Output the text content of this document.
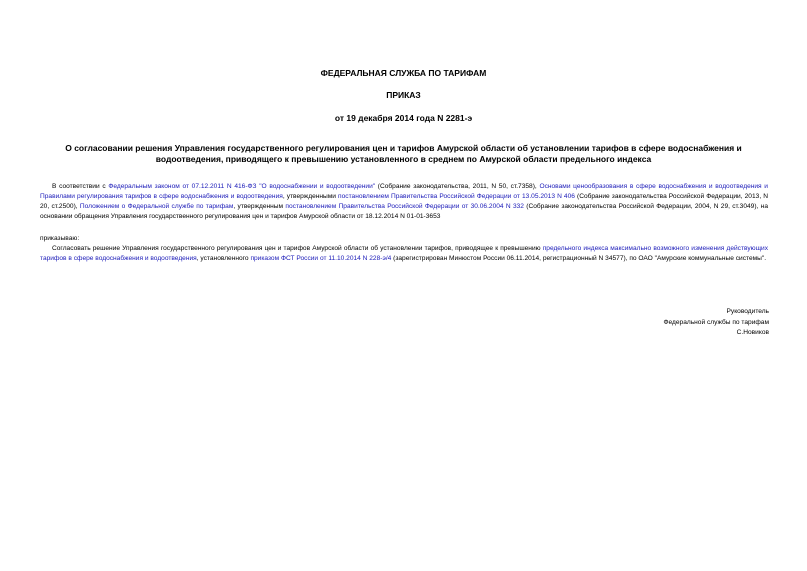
ФЕДЕРАЛЬНАЯ СЛУЖБА ПО ТАРИФАМ
ПРИКАЗ
от 19 декабря 2014 года N 2281-э
О согласовании решения Управления государственного регулирования цен и тарифов Амурской области об установлении тарифов в сфере водоснабжения и водоотведения, приводящего к превышению установленного в среднем по Амурской области предельного индекса
В соответствии с Федеральным законом от 07.12.2011 N 416-ФЗ "О водоснабжении и водоотведении" (Собрание законодательства, 2011, N 50, ст.7358), Основами ценообразования в сфере водоснабжения и водоотведения и Правилами регулирования тарифов в сфере водоснабжения и водоотведения, утвержденными постановлением Правительства Российской Федерации от 13.05.2013 N 406 (Собрание законодательства Российской Федерации, 2013, N 20, ст.2500), Положением о Федеральной службе по тарифам, утвержденным постановлением Правительства Российской Федерации от 30.06.2004 N 332 (Собрание законодательства Российской Федерации, 2004, N 29, ст.3049), на основании обращения Управления государственного регулирования цен и тарифов Амурской области от 18.12.2014 N 01-01-3653
приказываю:
Согласовать решение Управления государственного регулирования цен и тарифов Амурской области об установлении тарифов, приводящее к превышению предельного индекса максимально возможного изменения действующих тарифов в сфере водоснабжения и водоотведения, установленного приказом ФСТ России от 11.10.2014 N 228-э/4 (зарегистрирован Минюстом России 06.11.2014, регистрационный N 34577), по ОАО "Амурские коммунальные системы".
Руководитель
Федеральной службы по тарифам
С.Новиков
